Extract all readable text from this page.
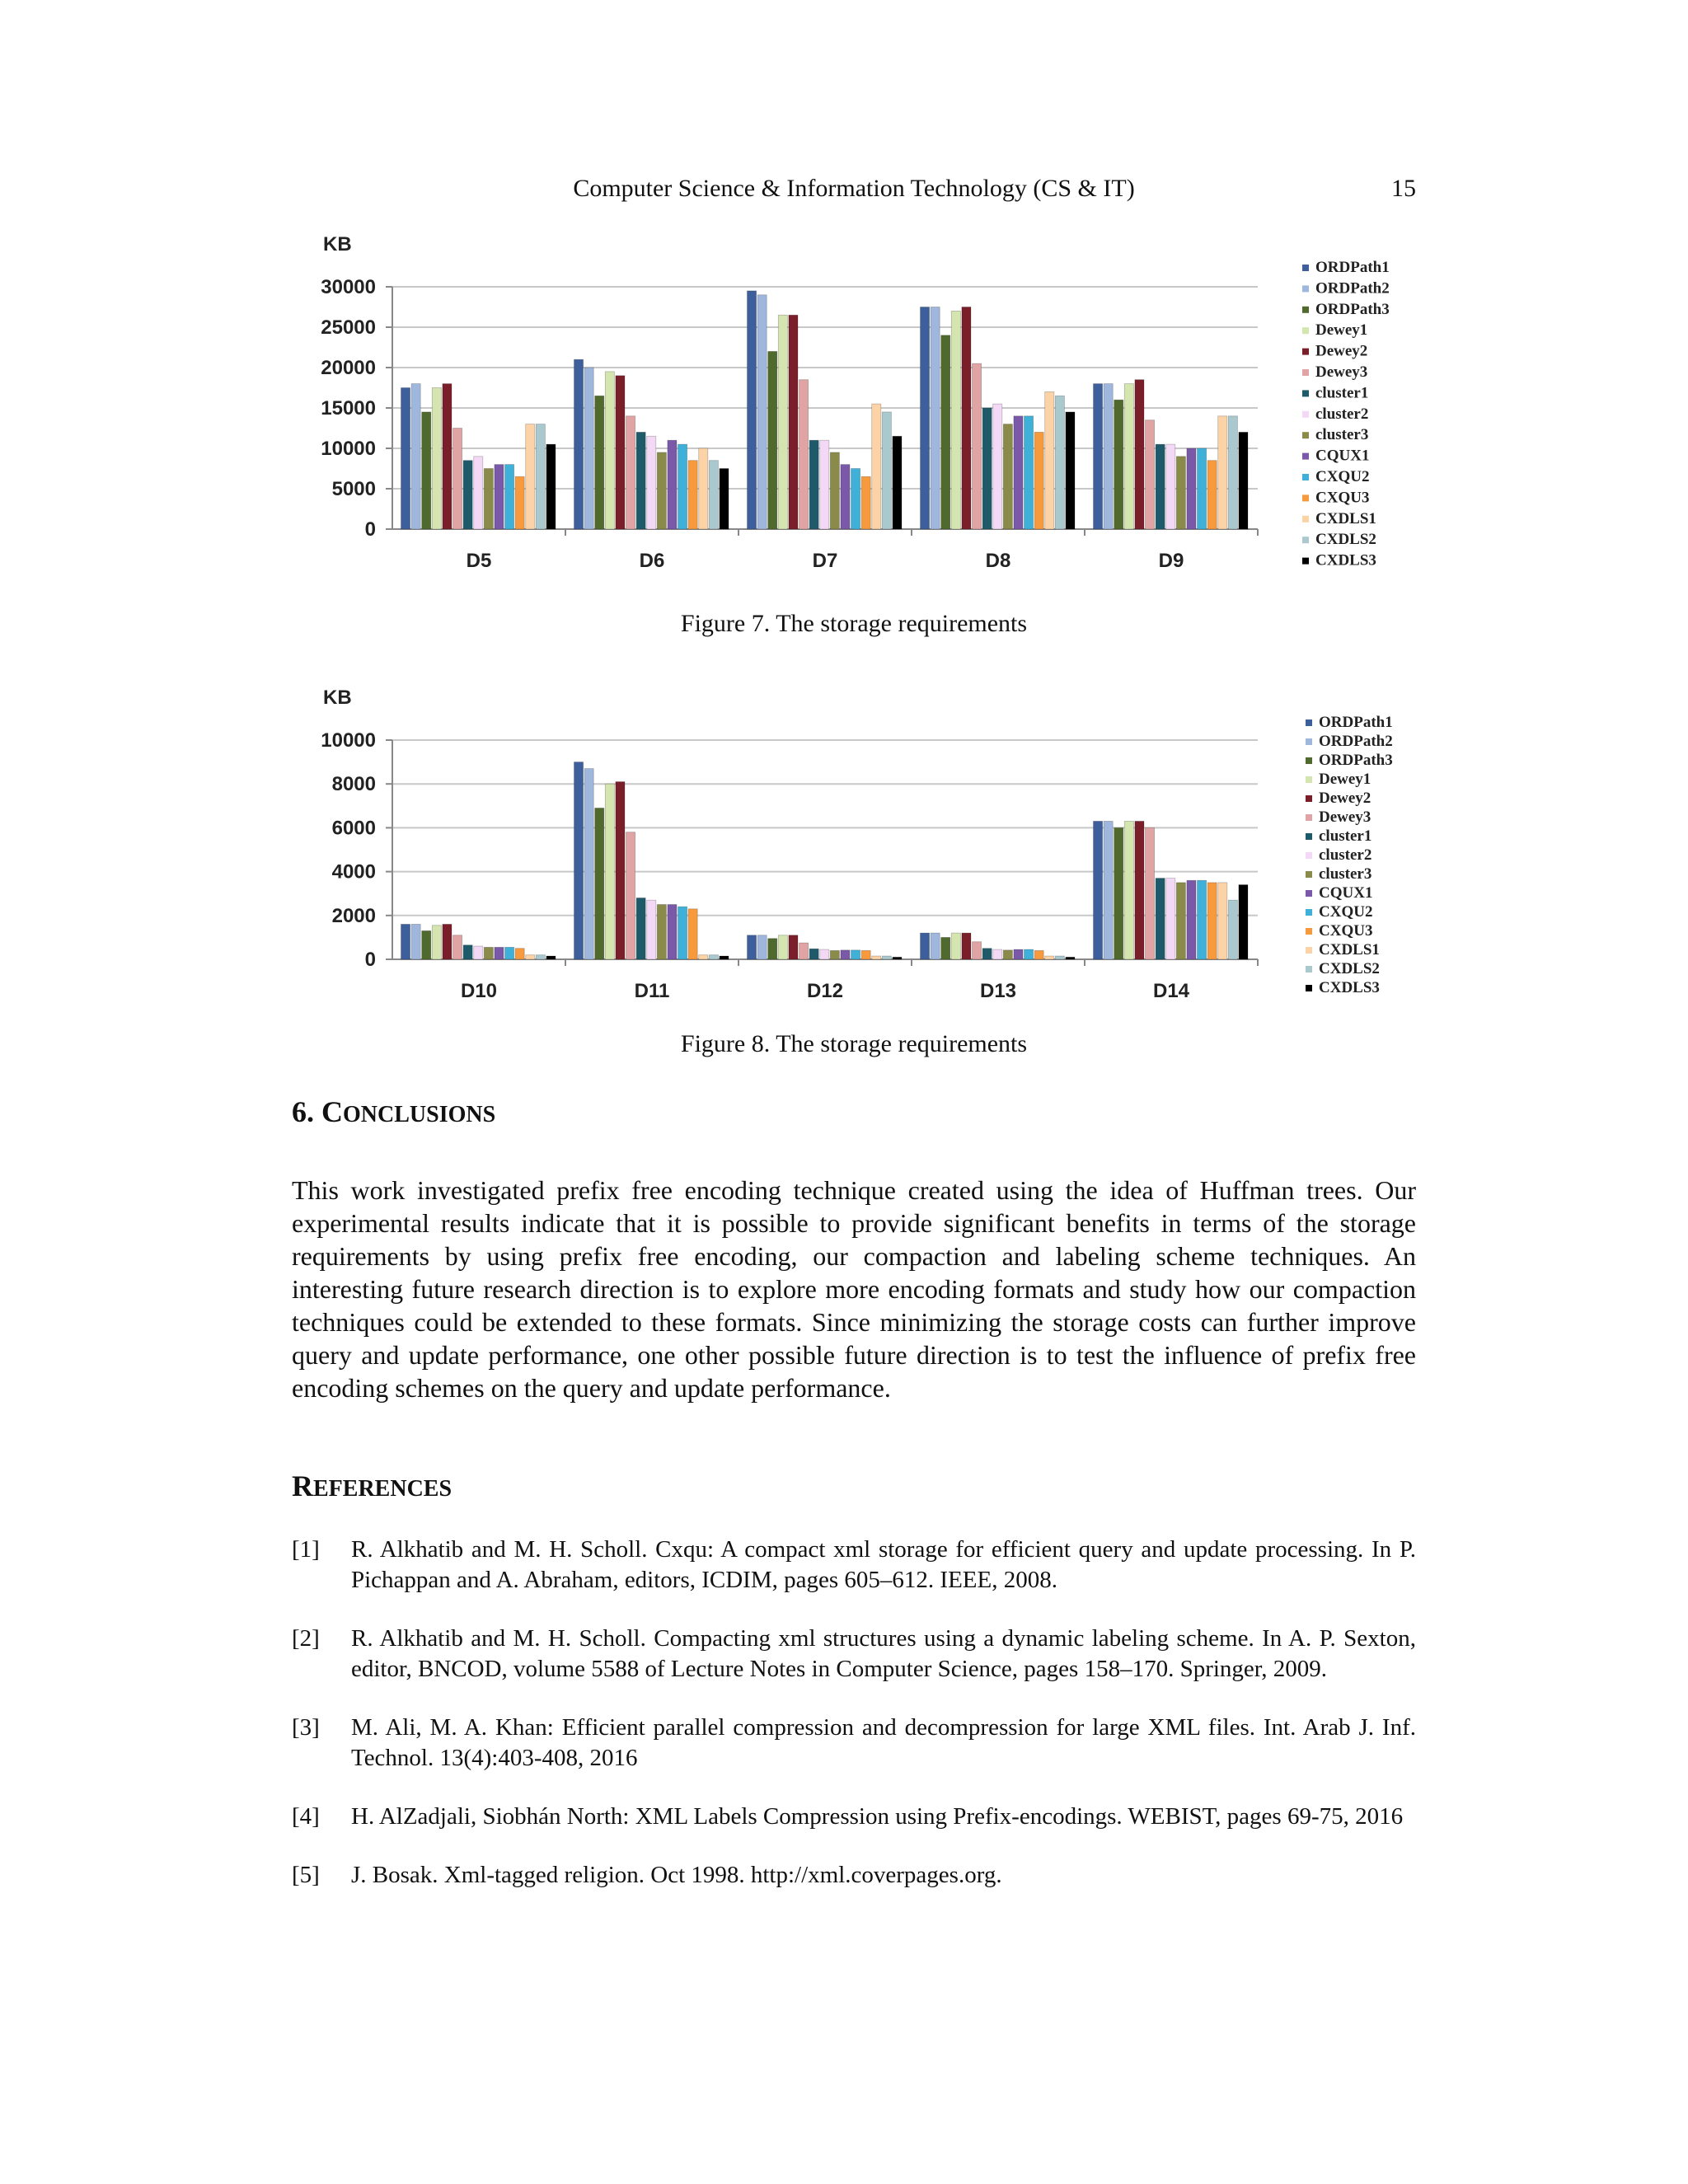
Computer Science & Information Technology (CS & IT)	15
KB
0
5000
10000
15000
20000
25000
30000
D5	D6	D7	D8	D9
ORDPath1
ORDPath2
ORDPath3
Dewey1
Dewey2
Dewey3
cluster1
cluster2
cluster3
CQUX1
CXQU2
CXQU3
CXDLS1
CXDLS2
CXDLS3
Figure 7. The storage requirements
KB
0
2000
4000
6000
8000
10000
D10	D11	D12	D13	D14
ORDPath1
ORDPath2
ORDPath3
Dewey1
Dewey2
Dewey3
cluster1
cluster2
cluster3
CQUX1
CXQU2
CXQU3
CXDLS1
CXDLS2
CXDLS3
Figure 8. The storage requirements
6. CONCLUSIONS
This work investigated prefix free encoding technique created using the idea of Huffman trees. Our experimental results indicate that it is possible to provide significant benefits in terms of the storage requirements by using prefix free encoding, our compaction and labeling scheme techniques. An interesting future research direction is to explore more encoding formats and study how our compaction techniques could be extended to these formats. Since minimizing the storage costs can further improve query and update performance, one other possible future direction is to test the influence of prefix free encoding schemes on the query and update performance.
REFERENCES
[1] R. Alkhatib and M. H. Scholl. Cxqu: A compact xml storage for efficient query and update processing. In P. Pichappan and A. Abraham, editors, ICDIM, pages 605–612. IEEE, 2008.
[2] R. Alkhatib and M. H. Scholl. Compacting xml structures using a dynamic labeling scheme. In A. P. Sexton, editor, BNCOD, volume 5588 of Lecture Notes in Computer Science, pages 158–170. Springer, 2009.
[3] M. Ali, M. A. Khan: Efficient parallel compression and decompression for large XML files. Int. Arab J. Inf. Technol. 13(4):403-408, 2016
[4] H. AlZadjali, Siobhán North: XML Labels Compression using Prefix-encodings. WEBIST, pages 69-75, 2016
[5] J. Bosak. Xml-tagged religion. Oct 1998. http://xml.coverpages.org.
